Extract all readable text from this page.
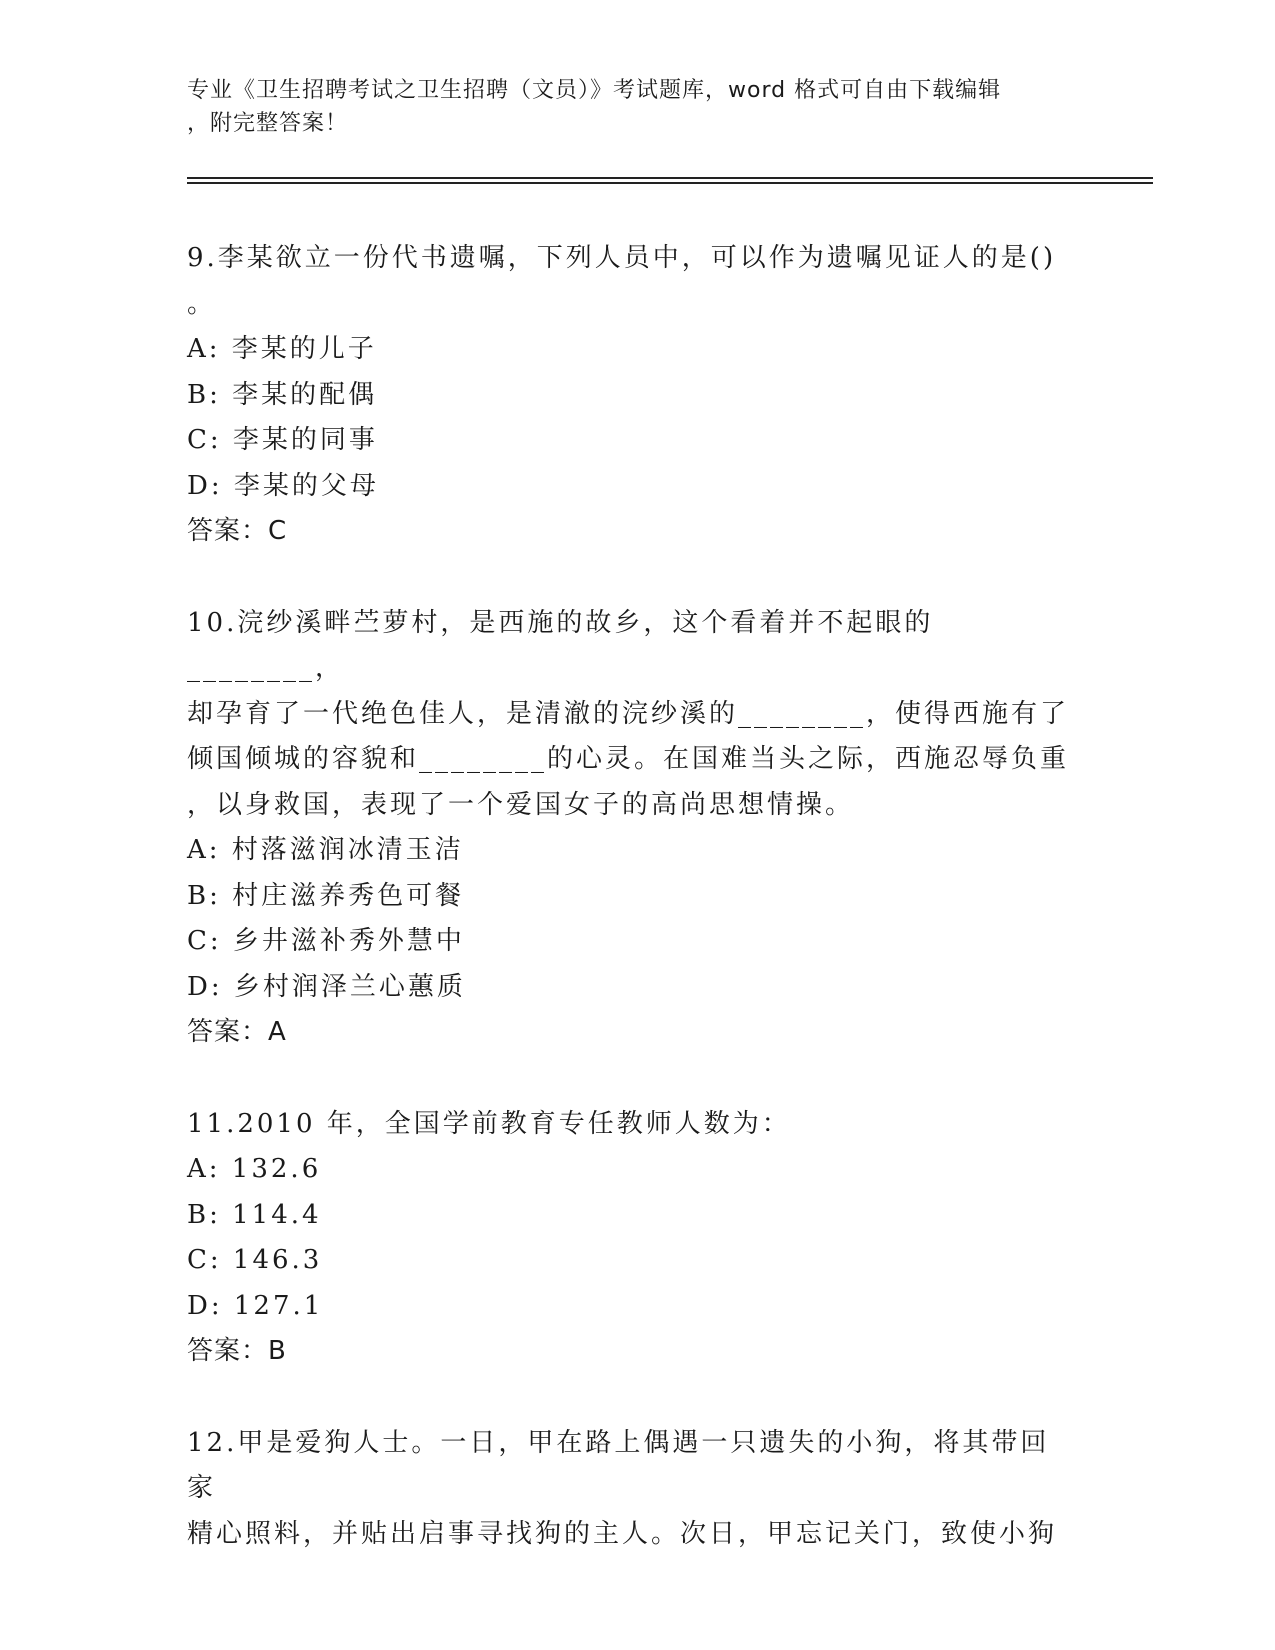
专业《卫生招聘考试之卫生招聘（文员）》考试题库，word 格式可自由下载编辑
，附完整答案！
9.李某欲立一份代书遗嘱，下列人员中，可以作为遗嘱见证人的是()
。
A: 李某的儿子
B: 李某的配偶
C: 李某的同事
D: 李某的父母
答案：C
10.浣纱溪畔苎萝村，是西施的故乡，这个看着并不起眼的________，
却孕育了一代绝色佳人，是清澈的浣纱溪的________，使得西施有了
倾国倾城的容貌和________的心灵。在国难当头之际，西施忍辱负重
，以身救国，表现了一个爱国女子的高尚思想情操。
A: 村落滋润冰清玉洁
B: 村庄滋养秀色可餐
C: 乡井滋补秀外慧中
D: 乡村润泽兰心蕙质
答案：A
11.2010 年，全国学前教育专任教师人数为：
A: 132.6
B: 114.4
C: 146.3
D: 127.1
答案：B
12.甲是爱狗人士。一日，甲在路上偶遇一只遗失的小狗，将其带回家
精心照料，并贴出启事寻找狗的主人。次日，甲忘记关门，致使小狗
